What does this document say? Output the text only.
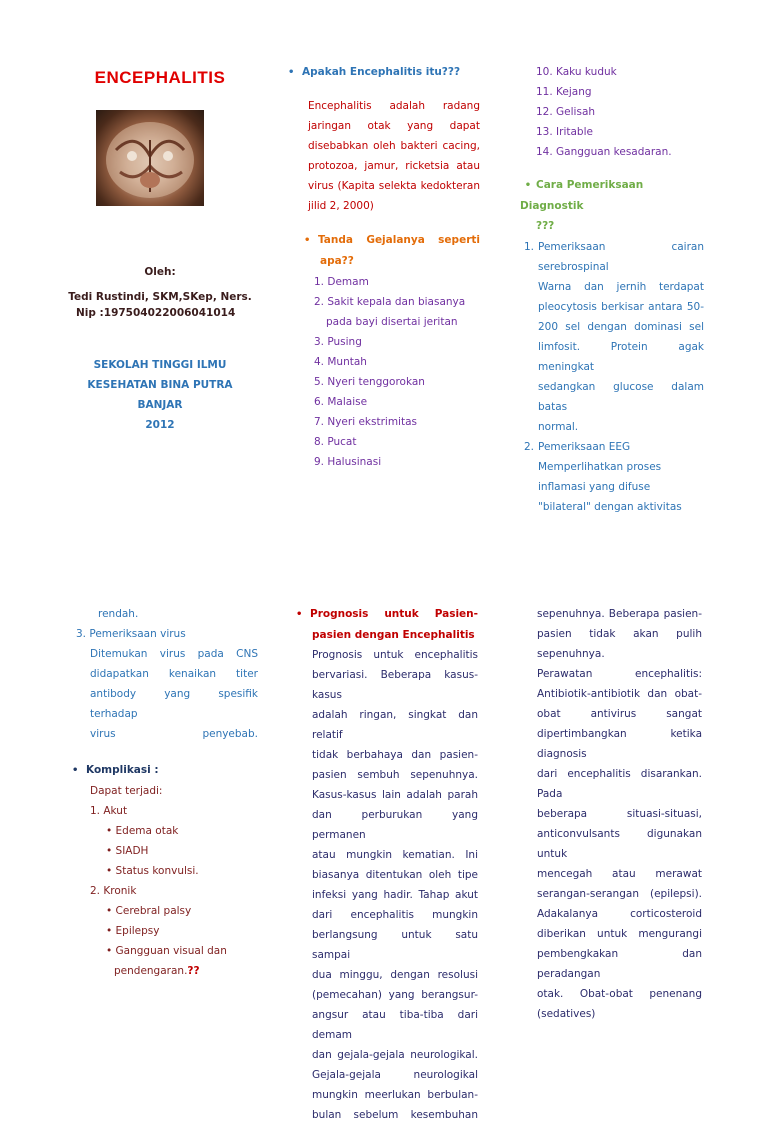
ENCEPHALITIS
Oleh:
Tedi Rustindi, SKM,SKep, Ners.
Nip :197504022006041014
SEKOLAH TINGGI ILMU
KESEHATAN BINA PUTRA
BANJAR
2012
• Apakah Encephalitis itu???
Encephalitis adalah radang
jaringan otak yang dapat
disebabkan oleh bakteri cacing,
protozoa, jamur, ricketsia atau
virus (Kapita selekta kedokteran
jilid 2, 2000)
• Tanda Gejalanya seperti
apa??
1. Demam
2. Sakit kepala dan biasanya
pada bayi disertai jeritan
3. Pusing
4. Muntah
5. Nyeri tenggorokan
6. Malaise
7. Nyeri ekstrimitas
8. Pucat
9. Halusinasi
10. Kaku kuduk
11. Kejang
12. Gelisah
13. Iritable
14. Gangguan kesadaran.
• Cara Pemeriksaan Diagnostik
???
1. Pemeriksaan cairan
serebrospinal
Warna dan jernih terdapat
pleocytosis berkisar antara 50-
200 sel dengan dominasi sel
limfosit. Protein agak meningkat
sedangkan glucose dalam batas
normal.
2. Pemeriksaan EEG
Memperlihatkan proses
inflamasi yang difuse
"bilateral" dengan aktivitas
rendah.
3. Pemeriksaan virus
Ditemukan virus pada CNS
didapatkan kenaikan titer
antibody yang spesifik terhadap
virus penyebab.
• Komplikasi :
Dapat terjadi:
1. Akut
• Edema otak
• SIADH
• Status konvulsi.
2. Kronik
• Cerebral palsy
• Epilepsy
• Gangguan visual dan
pendengaran.??
• Prognosis untuk Pasien-
pasien dengan Encephalitis
Prognosis untuk encephalitis
bervariasi. Beberapa kasus-kasus
adalah ringan, singkat dan relatif
tidak berbahaya dan pasien-
pasien sembuh sepenuhnya.
Kasus-kasus lain adalah parah
dan perburukan yang permanen
atau mungkin kematian. Ini
biasanya ditentukan oleh tipe
infeksi yang hadir. Tahap akut
dari encephalitis mungkin
berlangsung untuk satu sampai
dua minggu, dengan resolusi
(pemecahan) yang berangsur-
angsur atau tiba-tiba dari demam
dan gejala-gejala neurologikal.
Gejala-gejala neurologikal
mungkin meerlukan berbulan-
bulan sebelum kesembuhan
sepenuhnya. Beberapa pasien-
pasien tidak akan pulih
sepenuhnya.
Perawatan encephalitis:
Antibiotik-antibiotik dan obat-
obat antivirus sangat
dipertimbangkan ketika diagnosis
dari encephalitis disarankan. Pada
beberapa situasi-situasi,
anticonvulsants digunakan untuk
mencegah atau merawat
serangan-serangan (epilepsi).
Adakalanya corticosteroid
diberikan untuk mengurangi
pembengkakan dan peradangan
otak. Obat-obat penenang
(sedatives)
